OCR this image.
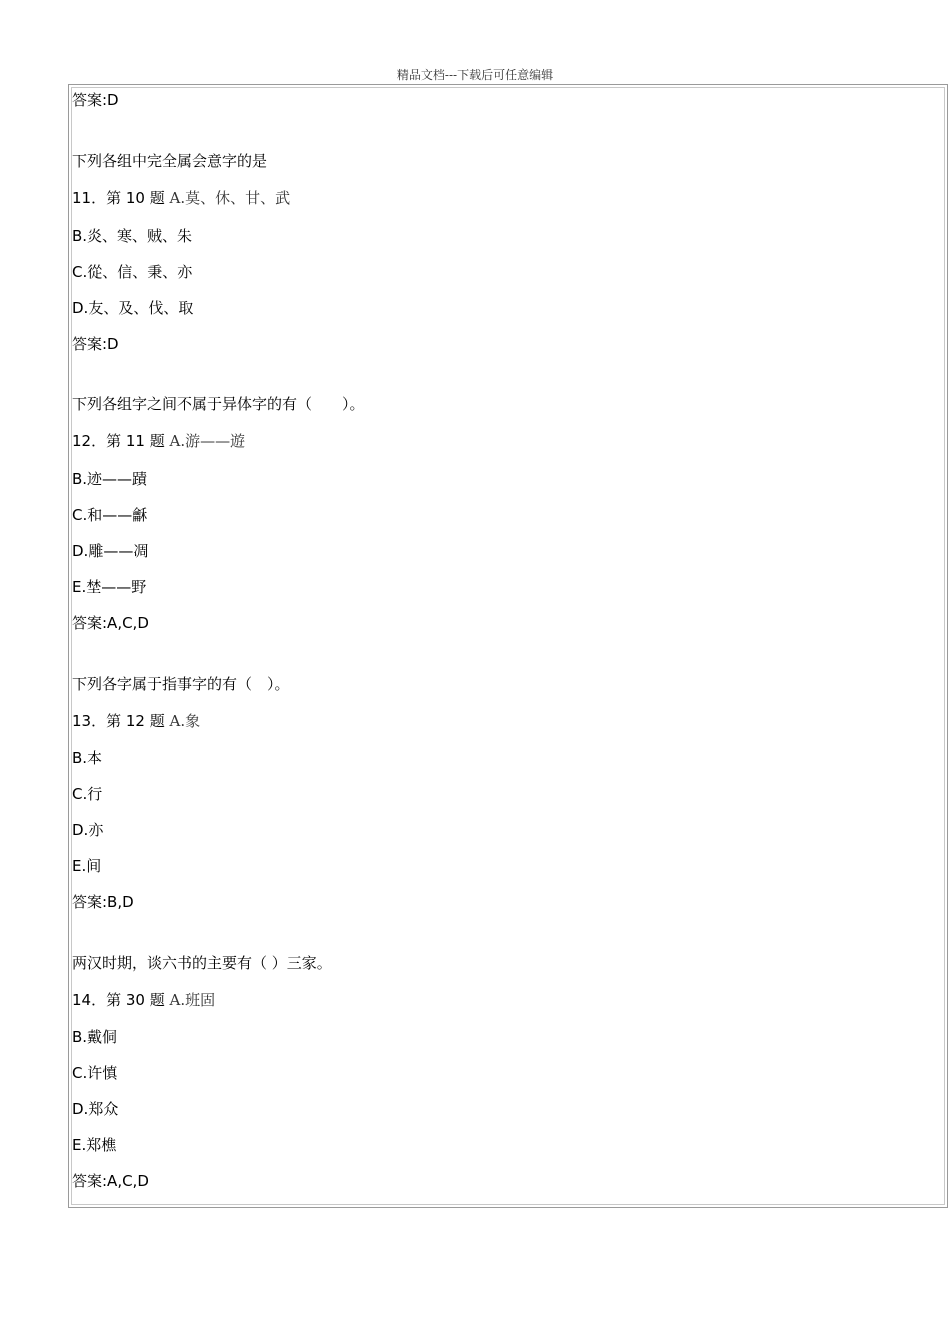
精品文档---下载后可任意编辑
答案:D
下列各组中完全属会意字的是
11．第 10 题 A.莫、休、甘、武
B.炎、寒、贼、朱
C.從、信、秉、亦
D.友、及、伐、取
答案:D
下列各组字之间不属于异体字的有（　　）。
12．第 11 题 A.游——遊
B.迹——蹟
C.和——龢
D.雕——凋
E.埜——野
答案:A,C,D
下列各字属于指事字的有（　）。
13．第 12 题 A.象
B.本
C.行
D.亦
E.间
答案:B,D
两汉时期，谈六书的主要有（ ）三家。
14．第 30 题 A.班固
B.戴侗
C.许慎
D.郑众
E.郑樵
答案:A,C,D
